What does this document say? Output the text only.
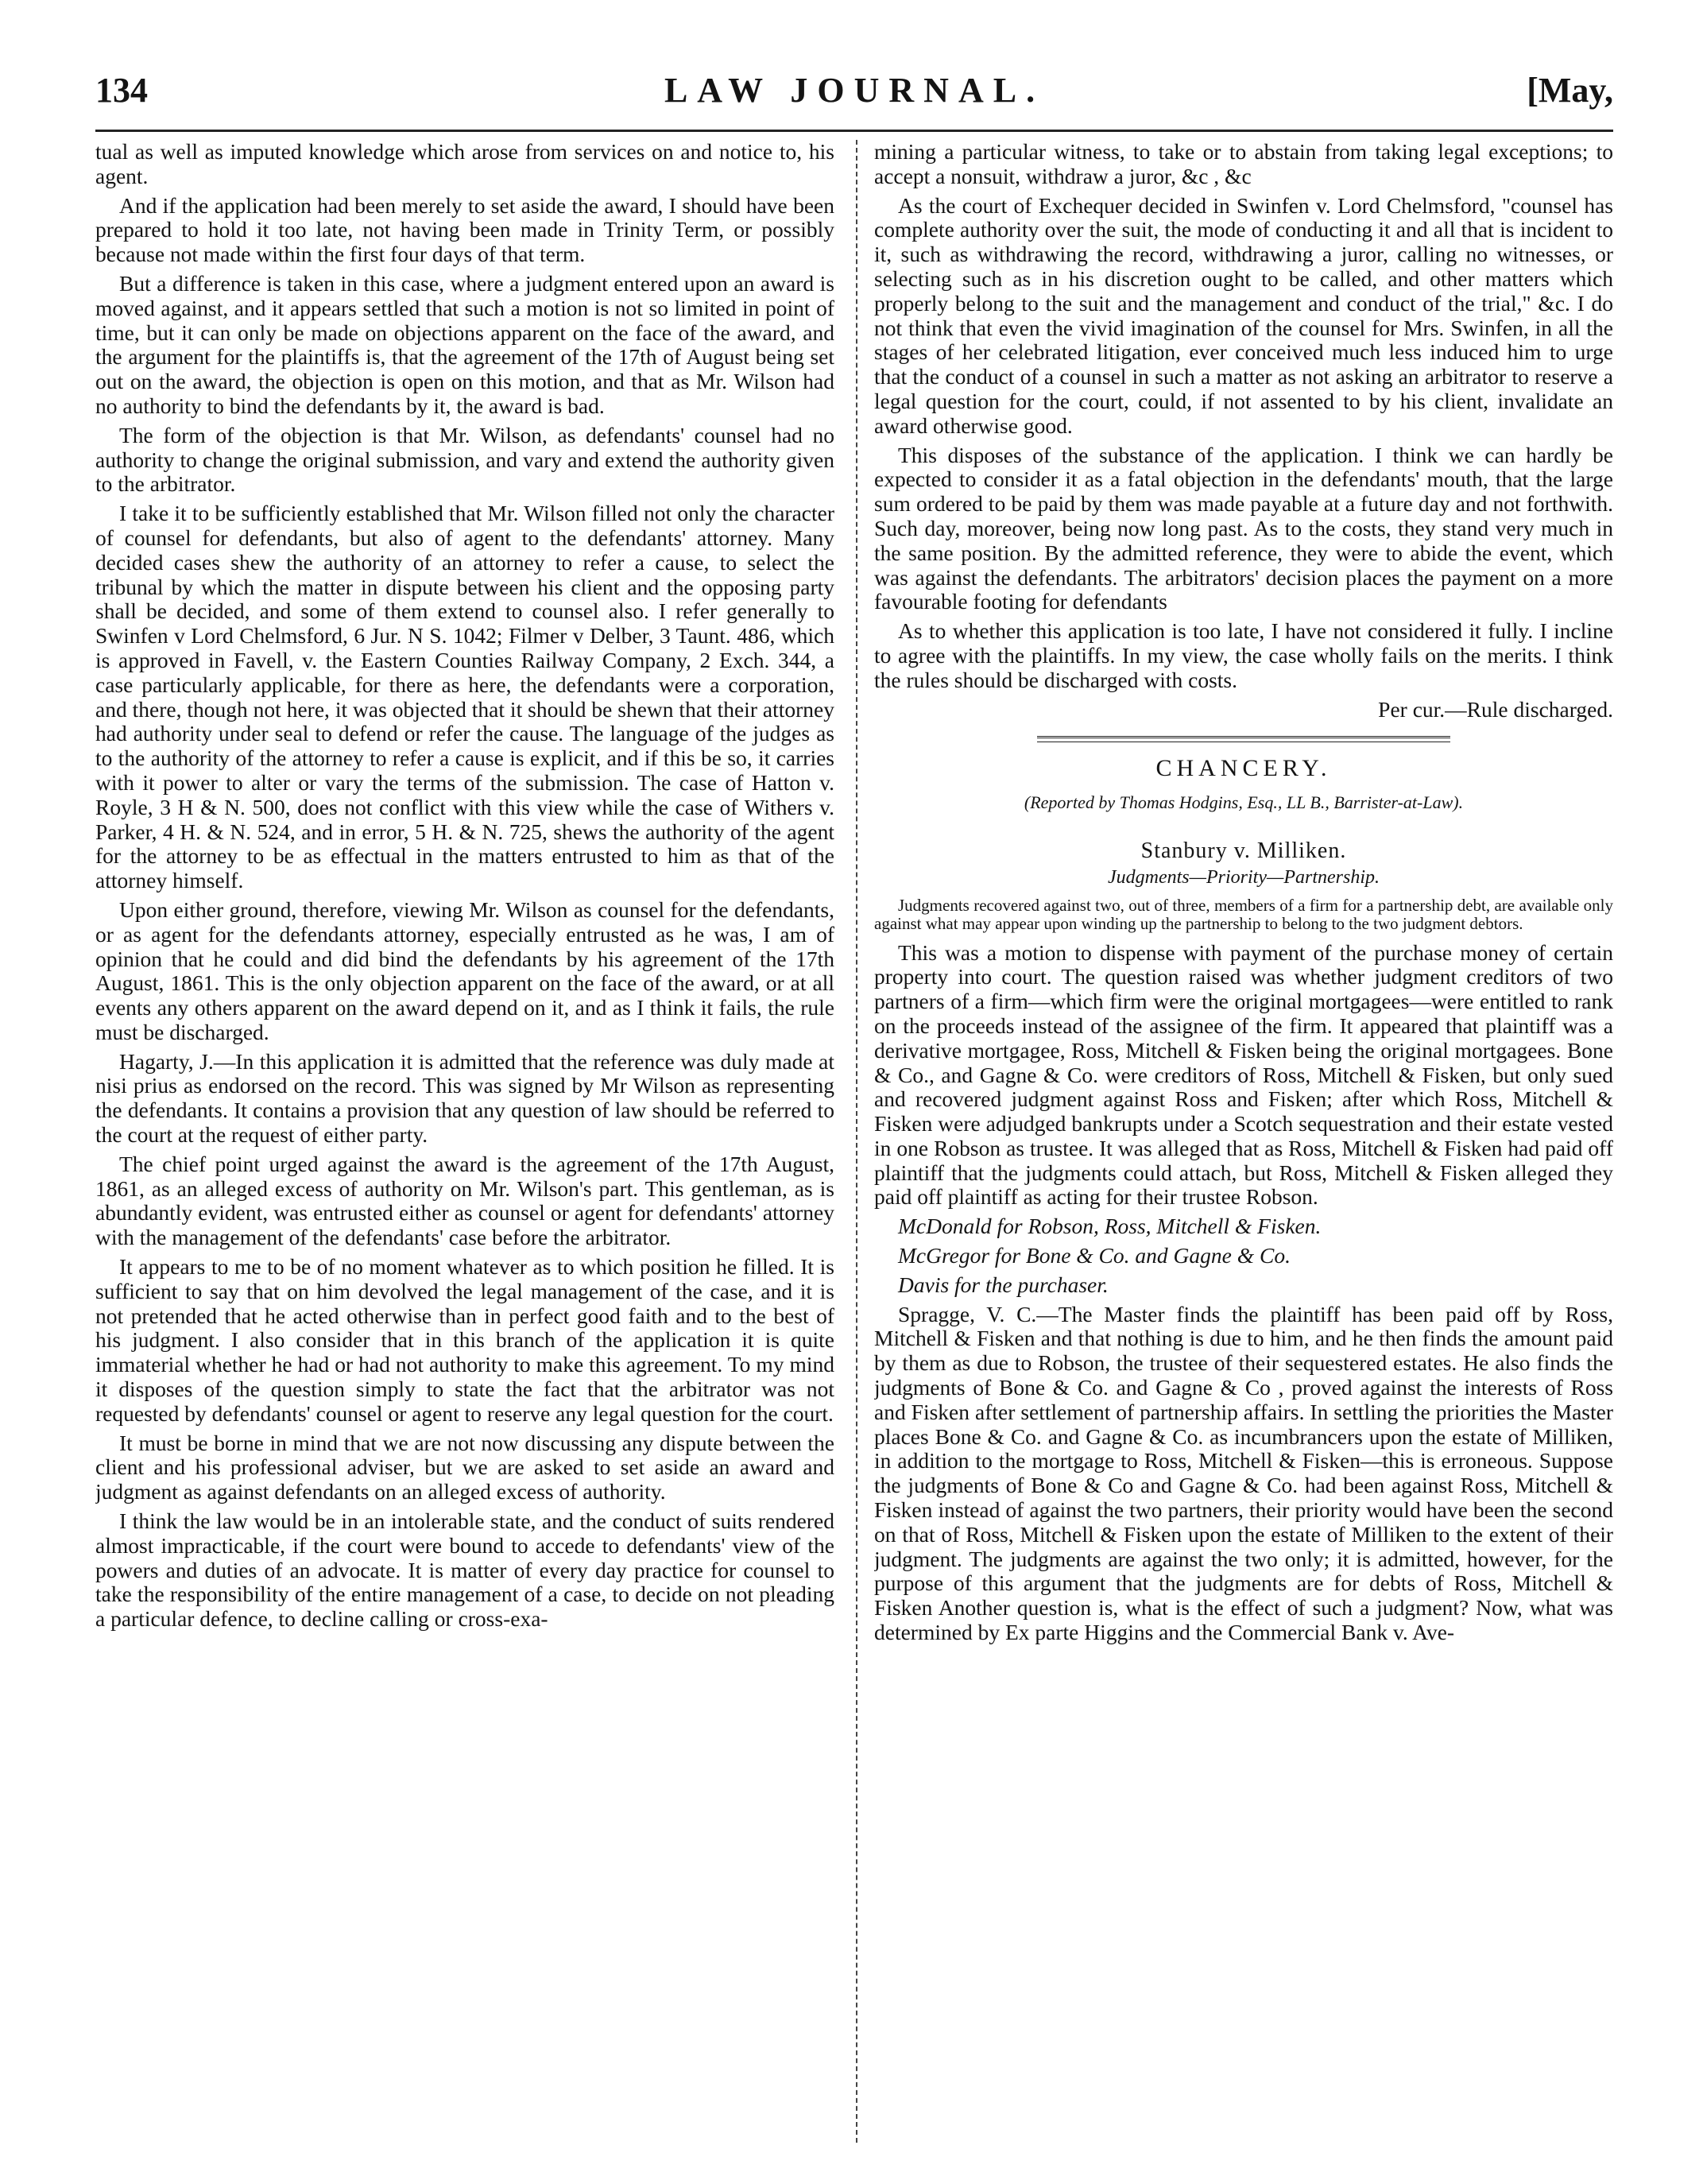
134	LAW JOURNAL.	[May,

tual as well as imputed knowledge which arose from services on and notice to, his agent.

And if the application had been merely to set aside the award, I should have been prepared to hold it too late, not having been made in Trinity Term, or possibly because not made within the first four days of that term.

But a difference is taken in this case, where a judgment entered upon an award is moved against, and it appears settled that such a motion is not so limited in point of time, but it can only be made on objections apparent on the face of the award, and the argument for the plaintiffs is, that the agreement of the 17th of August being set out on the award, the objection is open on this motion, and that as Mr. Wilson had no authority to bind the defendants by it, the award is bad.

The form of the objection is that Mr. Wilson, as defendants' counsel had no authority to change the original submission, and vary and extend the authority given to the arbitrator.

I take it to be sufficiently established that Mr. Wilson filled not only the character of counsel for defendants, but also of agent to the defendants' attorney. Many decided cases shew the authority of an attorney to refer a cause, to select the tribunal by which the matter in dispute between his client and the opposing party shall be decided, and some of them extend to counsel also. I refer generally to Swinfen v Lord Chelmsford, 6 Jur. N S. 1042; Filmer v Delber, 3 Taunt. 486, which is approved in Favell, v. the Eastern Counties Railway Company, 2 Exch. 344, a case particularly applicable, for there as here, the defendants were a corporation, and there, though not here, it was objected that it should be shewn that their attorney had authority under seal to defend or refer the cause. The language of the judges as to the authority of the attorney to refer a cause is explicit, and if this be so, it carries with it power to alter or vary the terms of the submission. The case of Hatton v. Royle, 3 H & N. 500, does not conflict with this view while the case of Withers v. Parker, 4 H. & N. 524, and in error, 5 H. & N. 725, shews the authority of the agent for the attorney to be as effectual in the matters entrusted to him as that of the attorney himself.

Upon either ground, therefore, viewing Mr. Wilson as counsel for the defendants, or as agent for the defendants attorney, especially entrusted as he was, I am of opinion that he could and did bind the defendants by his agreement of the 17th August, 1861. This is the only objection apparent on the face of the award, or at all events any others apparent on the award depend on it, and as I think it fails, the rule must be discharged.

Hagarty, J.—In this application it is admitted that the reference was duly made at nisi prius as endorsed on the record. This was signed by Mr Wilson as representing the defendants. It contains a provision that any question of law should be referred to the court at the request of either party.

The chief point urged against the award is the agreement of the 17th August, 1861, as an alleged excess of authority on Mr. Wilson's part. This gentleman, as is abundantly evident, was entrusted either as counsel or agent for defendants' attorney with the management of the defendants' case before the arbitrator.

It appears to me to be of no moment whatever as to which position he filled. It is sufficient to say that on him devolved the legal management of the case, and it is not pretended that he acted otherwise than in perfect good faith and to the best of his judgment. I also consider that in this branch of the application it is quite immaterial whether he had or had not authority to make this agreement. To my mind it disposes of the question simply to state the fact that the arbitrator was not requested by defendants' counsel or agent to reserve any legal question for the court.

It must be borne in mind that we are not now discussing any dispute between the client and his professional adviser, but we are asked to set aside an award and judgment as against defendants on an alleged excess of authority.

I think the law would be in an intolerable state, and the conduct of suits rendered almost impracticable, if the court were bound to accede to defendants' view of the powers and duties of an advocate. It is matter of every day practice for counsel to take the responsibility of the entire management of a case, to decide on not pleading a particular defence, to decline calling or cross-exa-

mining a particular witness, to take or to abstain from taking legal exceptions; to accept a nonsuit, withdraw a juror, &c , &c

As the court of Exchequer decided in Swinfen v. Lord Chelmsford, "counsel has complete authority over the suit, the mode of conducting it and all that is incident to it, such as withdrawing the record, withdrawing a juror, calling no witnesses, or selecting such as in his discretion ought to be called, and other matters which properly belong to the suit and the management and conduct of the trial," &c. I do not think that even the vivid imagination of the counsel for Mrs. Swinfen, in all the stages of her celebrated litigation, ever conceived much less induced him to urge that the conduct of a counsel in such a matter as not asking an arbitrator to reserve a legal question for the court, could, if not assented to by his client, invalidate an award otherwise good.

This disposes of the substance of the application. I think we can hardly be expected to consider it as a fatal objection in the defendants' mouth, that the large sum ordered to be paid by them was made payable at a future day and not forthwith. Such day, moreover, being now long past. As to the costs, they stand very much in the same position. By the admitted reference, they were to abide the event, which was against the defendants. The arbitrators' decision places the payment on a more favourable footing for defendants

As to whether this application is too late, I have not considered it fully. I incline to agree with the plaintiffs. In my view, the case wholly fails on the merits. I think the rules should be discharged with costs.

Per cur.—Rule discharged.
CHANCERY.
(Reported by Thomas Hodgins, Esq., LL B., Barrister-at-Law).
Stanbury v. Milliken.
Judgments—Priority—Partnership.

Judgments recovered against two, out of three, members of a firm for a partnership debt, are available only against what may appear upon winding up the partnership to belong to the two judgment debtors.

This was a motion to dispense with payment of the purchase money of certain property into court. The question raised was whether judgment creditors of two partners of a firm—which firm were the original mortgagees—were entitled to rank on the proceeds instead of the assignee of the firm. It appeared that plaintiff was a derivative mortgagee, Ross, Mitchell & Fisken being the original mortgagees. Bone & Co., and Gagne & Co. were creditors of Ross, Mitchell & Fisken, but only sued and recovered judgment against Ross and Fisken; after which Ross, Mitchell & Fisken were adjudged bankrupts under a Scotch sequestration and their estate vested in one Robson as trustee. It was alleged that as Ross, Mitchell & Fisken had paid off plaintiff that the judgments could attach, but Ross, Mitchell & Fisken alleged they paid off plaintiff as acting for their trustee Robson.

McDonald for Robson, Ross, Mitchell & Fisken.

McGregor for Bone & Co. and Gagne & Co.

Davis for the purchaser.

Spragge, V. C.—The Master finds the plaintiff has been paid off by Ross, Mitchell & Fisken and that nothing is due to him, and he then finds the amount paid by them as due to Robson, the trustee of their sequestered estates. He also finds the judgments of Bone & Co. and Gagne & Co , proved against the interests of Ross and Fisken after settlement of partnership affairs. In settling the priorities the Master places Bone & Co. and Gagne & Co. as incumbrancers upon the estate of Milliken, in addition to the mortgage to Ross, Mitchell & Fisken—this is erroneous. Suppose the judgments of Bone & Co and Gagne & Co. had been against Ross, Mitchell & Fisken instead of against the two partners, their priority would have been the second on that of Ross, Mitchell & Fisken upon the estate of Milliken to the extent of their judgment. The judgments are against the two only; it is admitted, however, for the purpose of this argument that the judgments are for debts of Ross, Mitchell & Fisken Another question is, what is the effect of such a judgment? Now, what was determined by Ex parte Higgins and the Commercial Bank v. Ave-
